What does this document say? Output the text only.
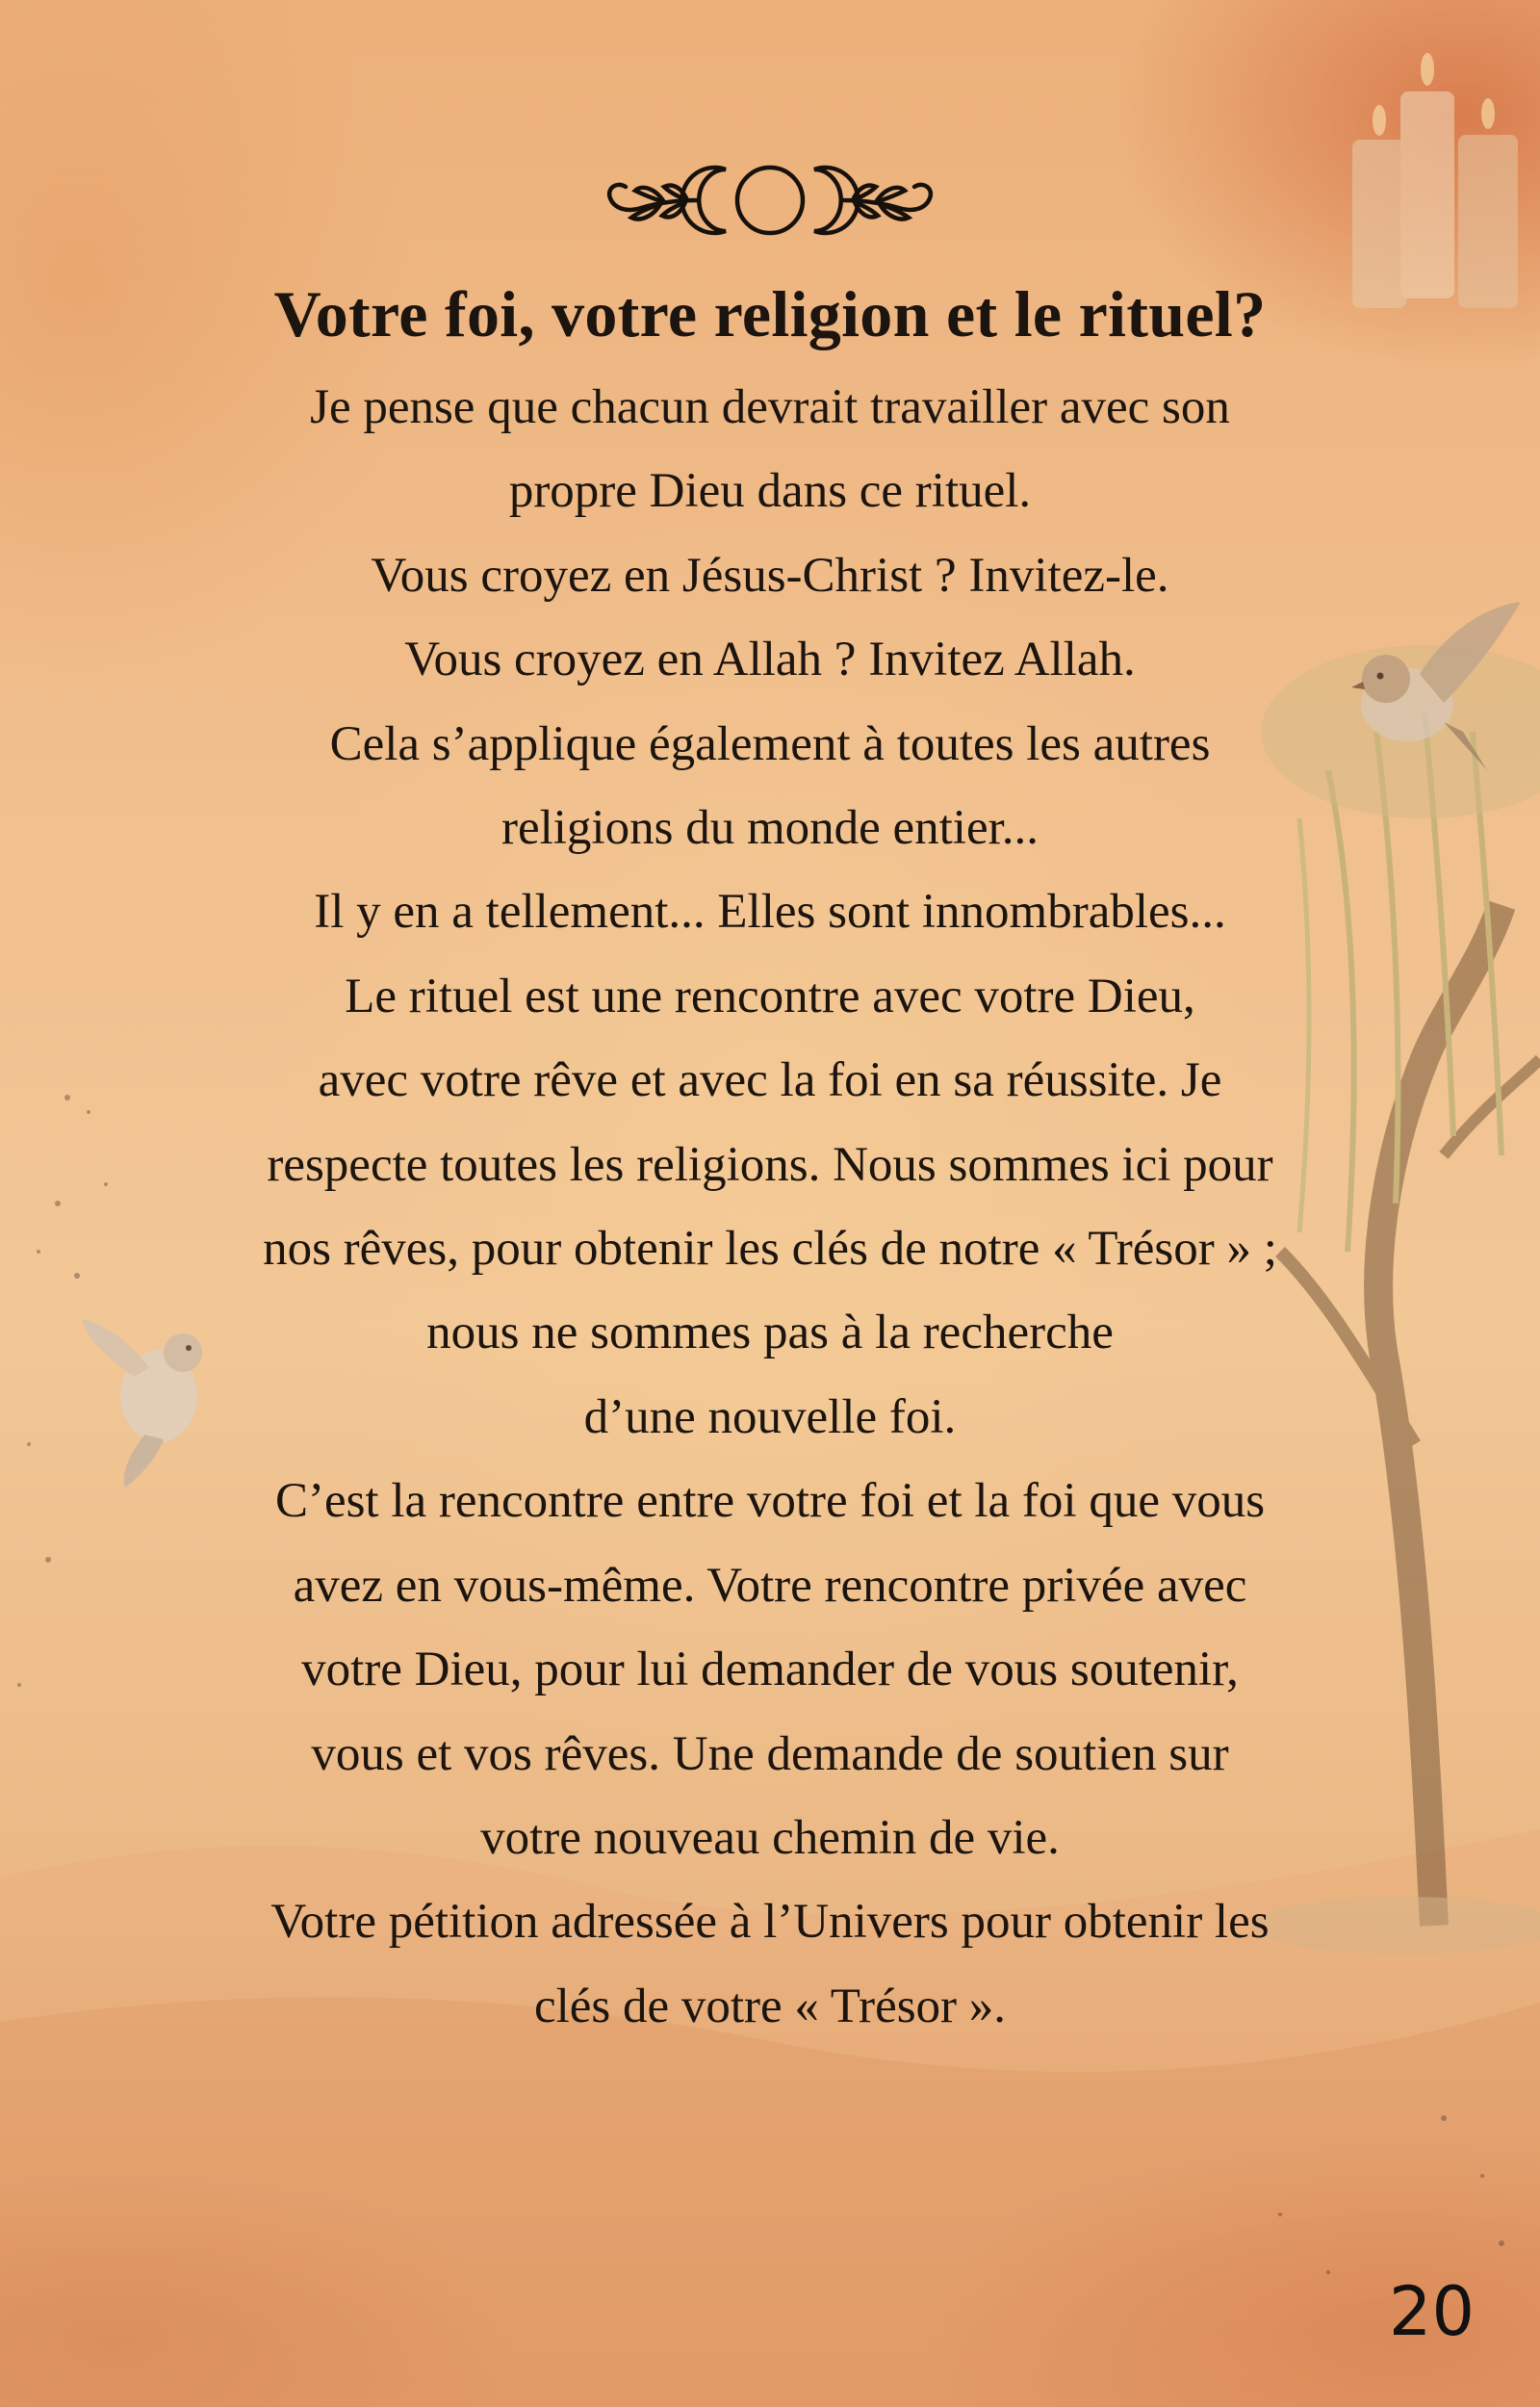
Votre foi, votre religion et le rituel?

Je pense que chacun devrait travailler avec son
propre Dieu dans ce rituel.
Vous croyez en Jésus-Christ ? Invitez-le.
Vous croyez en Allah ? Invitez Allah.
Cela s’applique également à toutes les autres
religions du monde entier...
Il y en a tellement... Elles sont innombrables...
Le rituel est une rencontre avec votre Dieu,
avec votre rêve et avec la foi en sa réussite. Je
respecte toutes les religions. Nous sommes ici pour
nos rêves, pour obtenir les clés de notre « Trésor » ;
nous ne sommes pas à la recherche
d’une nouvelle foi.
C’est la rencontre entre votre foi et la foi que vous
avez en vous-même. Votre rencontre privée avec
votre Dieu, pour lui demander de vous soutenir,
vous et vos rêves. Une demande de soutien sur
votre nouveau chemin de vie.
Votre pétition adressée à l’Univers pour obtenir les
clés de votre « Trésor ».

20
